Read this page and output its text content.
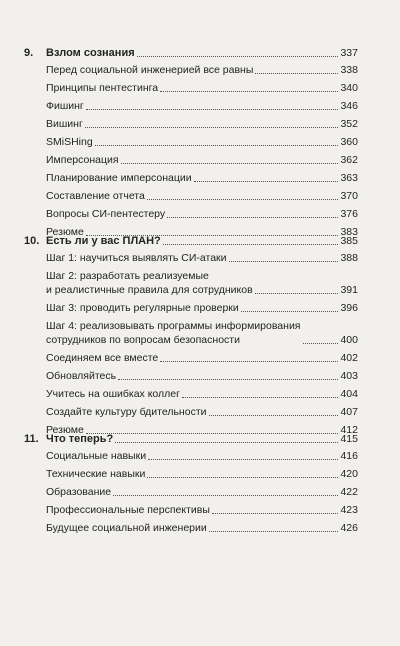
9.	Взлом сознания	337
Перед социальной инженерией все равны	338
Принципы пентестинга	340
Фишинг	346
Вишинг	352
SMiSHing	360
Имперсонация	362
Планирование имперсонации	363
Составление отчета	370
Вопросы СИ-пентестеру	376
Резюме	383
10. Есть ли у вас ПЛАН?	385
Шаг 1: научиться выявлять СИ-атаки	388
Шаг 2: разработать реализуемые
и реалистичные правила для сотрудников	391
Шаг 3: проводить регулярные проверки	396
Шаг 4: реализовывать программы информирования
сотрудников по вопросам безопасности	400
Соединяем все вместе	402
Обновляйтесь	403
Учитесь на ошибках коллег	404
Создайте культуру бдительности	407
Резюме	412
11. Что теперь?	415
Социальные навыки	416
Технические навыки	420
Образование	422
Профессиональные перспективы	423
Будущее социальной инженерии	426
